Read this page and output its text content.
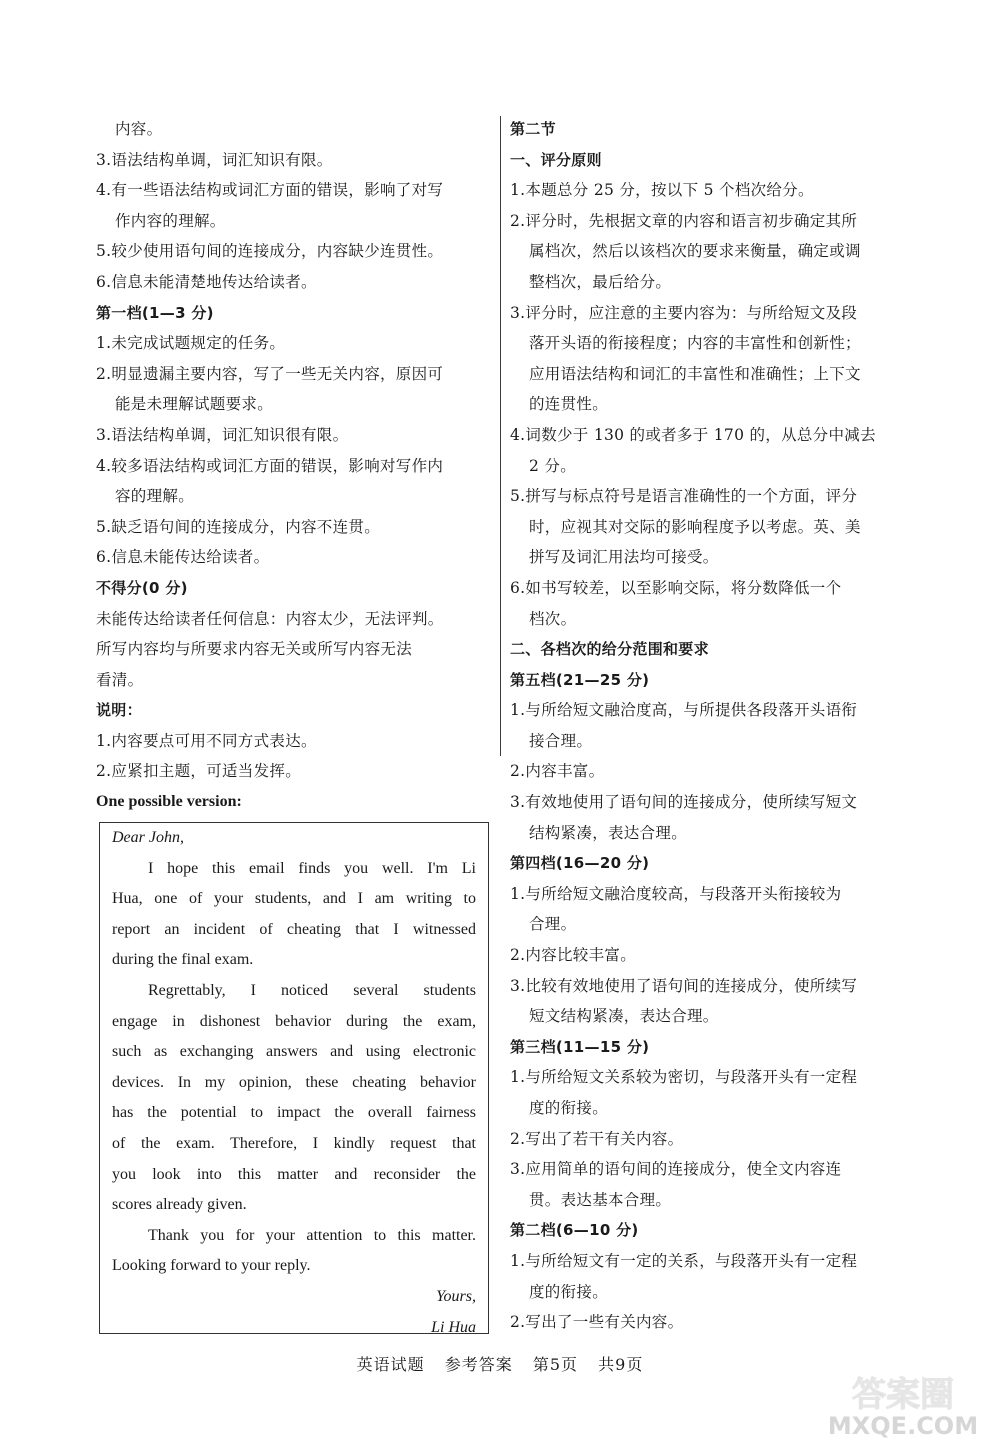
内容。
3.语法结构单调，词汇知识有限。
4.有一些语法结构或词汇方面的错误，影响了对写
作内容的理解。
5.较少使用语句间的连接成分，内容缺少连贯性。
6.信息未能清楚地传达给读者。
第一档(1—3 分)
1.未完成试题规定的任务。
2.明显遗漏主要内容，写了一些无关内容，原因可
能是未理解试题要求。
3.语法结构单调，词汇知识很有限。
4.较多语法结构或词汇方面的错误，影响对写作内
容的理解。
5.缺乏语句间的连接成分，内容不连贯。
6.信息未能传达给读者。
不得分(0 分)
未能传达给读者任何信息：内容太少，无法评判。
所写内容均与所要求内容无关或所写内容无法
看清。
说明：
1.内容要点可用不同方式表达。
2.应紧扣主题，可适当发挥。
One possible version:
第二节
一、评分原则
1.本题总分 25 分，按以下 5 个档次给分。
2.评分时，先根据文章的内容和语言初步确定其所
属档次，然后以该档次的要求来衡量，确定或调
整档次，最后给分。
3.评分时，应注意的主要内容为：与所给短文及段
落开头语的衔接程度；内容的丰富性和创新性；
应用语法结构和词汇的丰富性和准确性；上下文
的连贯性。
4.词数少于 130 的或者多于 170 的，从总分中减去
2 分。
5.拼写与标点符号是语言准确性的一个方面，评分
时，应视其对交际的影响程度予以考虑。英、美
拼写及词汇用法均可接受。
6.如书写较差，以至影响交际，将分数降低一个
档次。
二、各档次的给分范围和要求
第五档(21—25 分)
1.与所给短文融洽度高，与所提供各段落开头语衔
接合理。
2.内容丰富。
3.有效地使用了语句间的连接成分，使所续写短文
结构紧凑，表达合理。
第四档(16—20 分)
1.与所给短文融洽度较高，与段落开头衔接较为
合理。
2.内容比较丰富。
3.比较有效地使用了语句间的连接成分，使所续写
短文结构紧凑，表达合理。
第三档(11—15 分)
1.与所给短文关系较为密切，与段落开头有一定程
度的衔接。
2.写出了若干有关内容。
3.应用简单的语句间的连接成分，使全文内容连
贯。表达基本合理。
第二档(6—10 分)
1.与所给短文有一定的关系，与段落开头有一定程
度的衔接。
2.写出了一些有关内容。
Dear John,
I hope this email finds you well. I'm Li
Hua, one of your students, and I am writing to
report an incident of cheating that I witnessed
during the final exam.
Regrettably, I noticed several students
engage in dishonest behavior during the exam,
such as exchanging answers and using electronic
devices. In my opinion, these cheating behavior
has the potential to impact the overall fairness
of the exam. Therefore, I kindly request that
you look into this matter and reconsider the
scores already given.
Thank you for your attention to this matter.
Looking forward to your reply.
Yours,
Li Hua
英语试题 参考答案 第5页 共9页
答案圈
MXQE.COM
